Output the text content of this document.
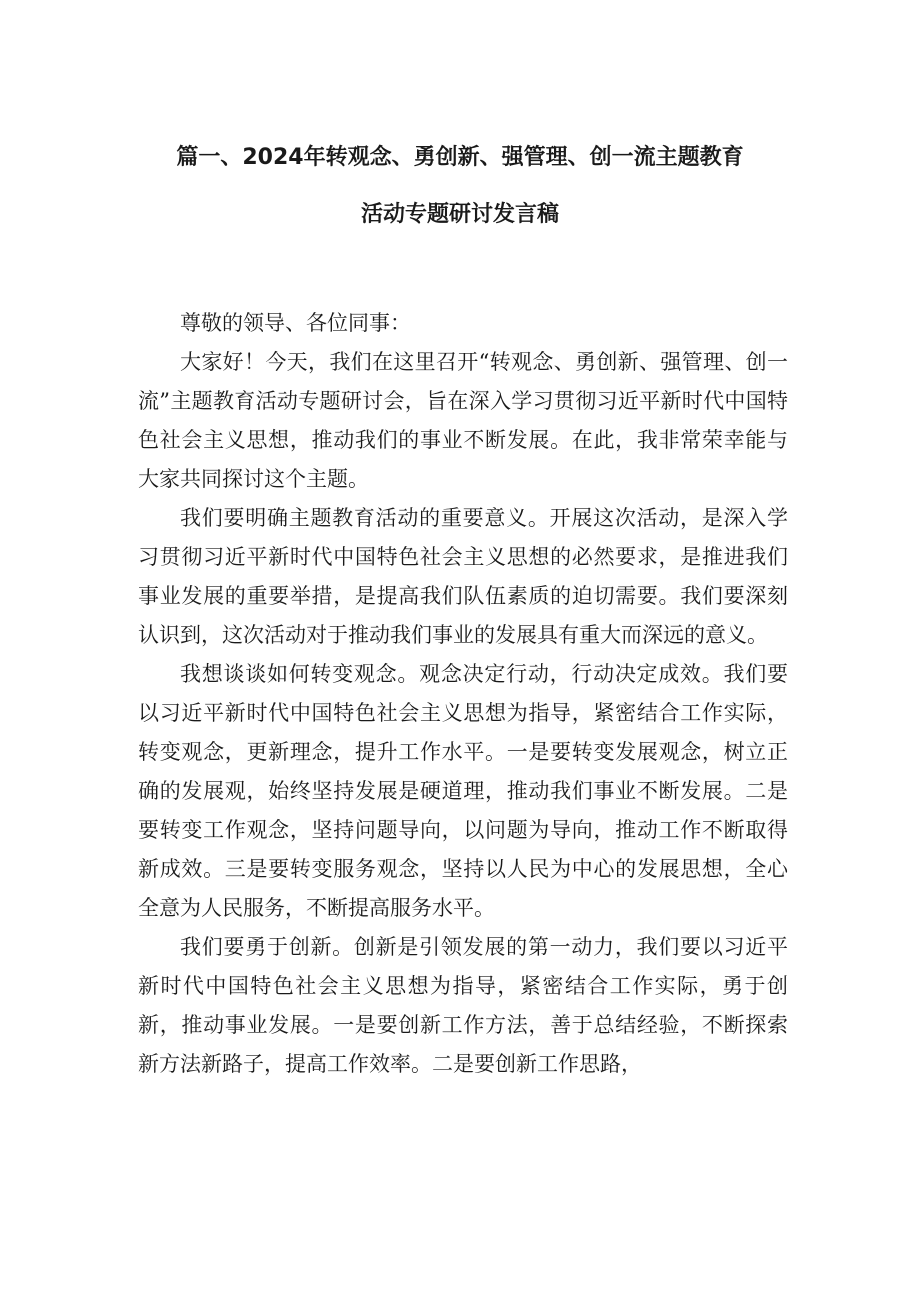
篇一、2024年转观念、勇创新、强管理、创一流主题教育
活动专题研讨发言稿

尊敬的领导、各位同事：

大家好！今天，我们在这里召开“转观念、勇创新、强管理、创一流”主题教育活动专题研讨会，旨在深入学习贯彻习近平新时代中国特色社会主义思想，推动我们的事业不断发展。在此，我非常荣幸能与大家共同探讨这个主题。

我们要明确主题教育活动的重要意义。开展这次活动，是深入学习贯彻习近平新时代中国特色社会主义思想的必然要求，是推进我们事业发展的重要举措，是提高我们队伍素质的迫切需要。我们要深刻认识到，这次活动对于推动我们事业的发展具有重大而深远的意义。

我想谈谈如何转变观念。观念决定行动，行动决定成效。我们要以习近平新时代中国特色社会主义思想为指导，紧密结合工作实际，转变观念，更新理念，提升工作水平。一是要转变发展观念，树立正确的发展观，始终坚持发展是硬道理，推动我们事业不断发展。二是要转变工作观念，坚持问题导向，以问题为导向，推动工作不断取得新成效。三是要转变服务观念，坚持以人民为中心的发展思想，全心全意为人民服务，不断提高服务水平。

我们要勇于创新。创新是引领发展的第一动力，我们要以习近平新时代中国特色社会主义思想为指导，紧密结合工作实际，勇于创新，推动事业发展。一是要创新工作方法，善于总结经验，不断探索新方法新路子，提高工作效率。二是要创新工作思路，
